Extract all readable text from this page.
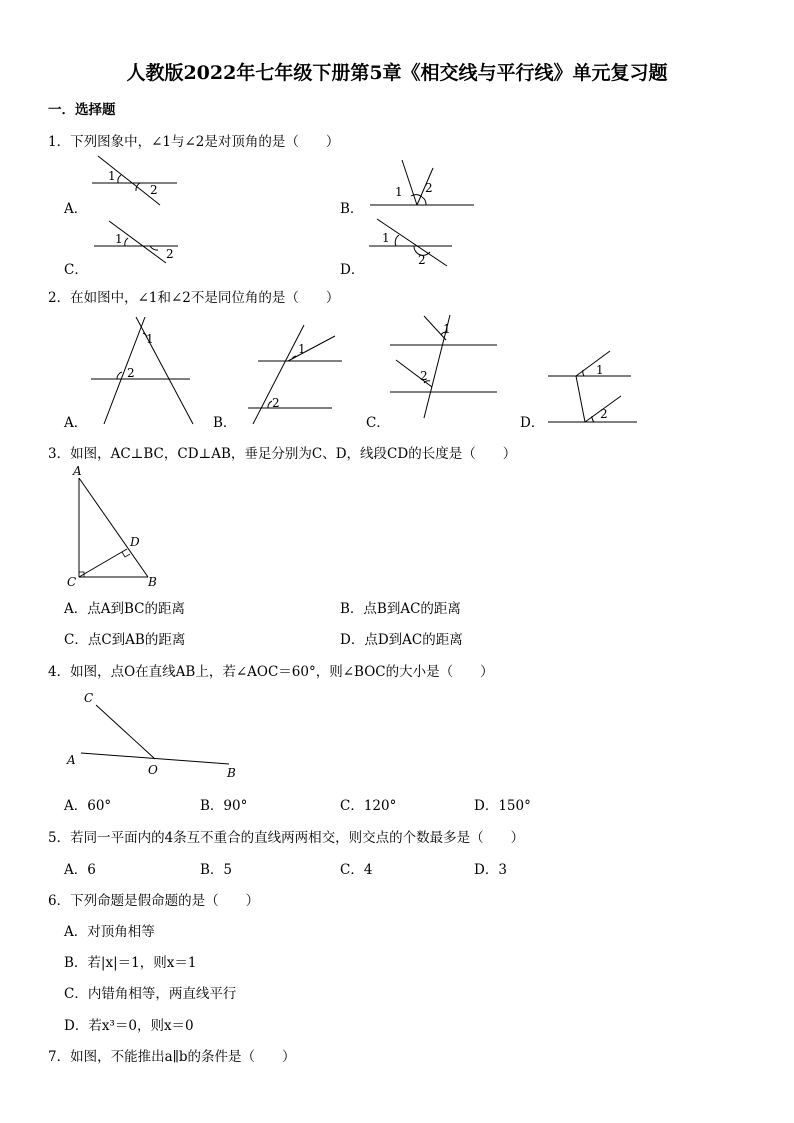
人教版2022年七年级下册第5章《相交线与平行线》单元复习题
一．选择题
1．下列图象中，∠1与∠2是对顶角的是（　　）
A．	B．
C．	D．
1
2	1 2
1
2
1
2
2．在如图中，∠1和∠2不是同位角的是（　　）
A．	B．	C．	D．
1
2
1
2
1
2	1
2
3．如图，AC⊥BC，CD⊥AB，垂足分别为C、D，线段CD的长度是（　　）
A
D
C	B
A．点A到BC的距离	B．点B到AC的距离
C．点C到AB的距离	D．点D到AC的距离
4．如图，点O在直线AB上，若∠AOC＝60°，则∠BOC的大小是（　　）
C
A
O	B
A．60°	B．90°	C．120°	D．150°
5．若同一平面内的4条互不重合的直线两两相交，则交点的个数最多是（　　）
A．6	B．5	C．4	D．3
6．下列命题是假命题的是（　　）
A．对顶角相等
B．若|x|＝1，则x＝1
C．内错角相等，两直线平行
D．若x³＝0，则x＝0
7．如图，不能推出a∥b的条件是（　　）
